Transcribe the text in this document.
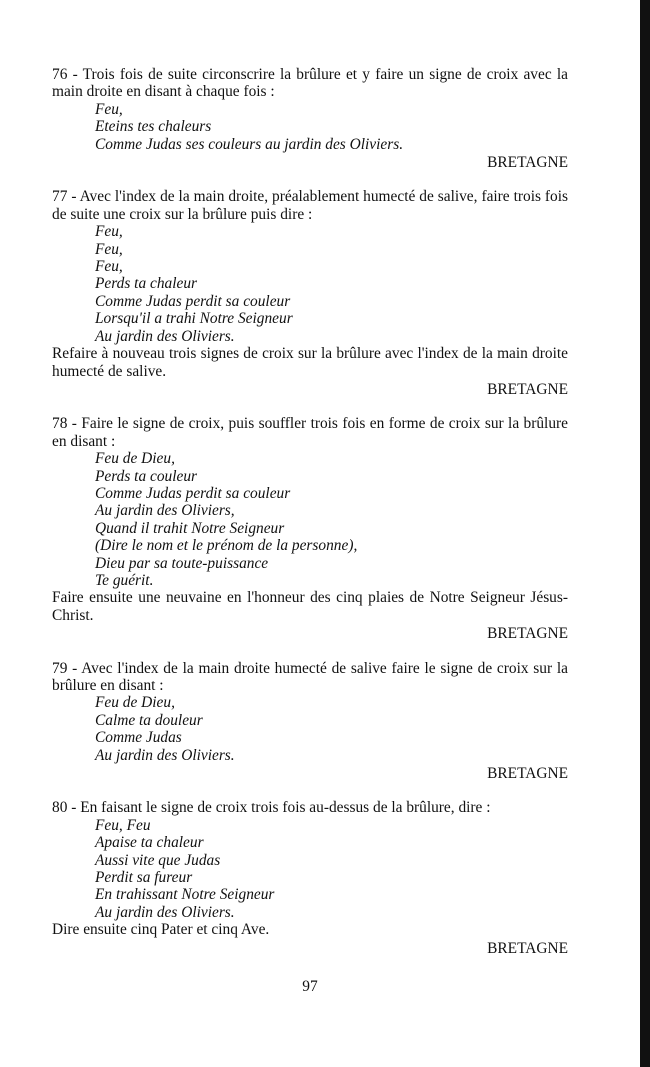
76 - Trois fois de suite circonscrire la brûlure et y faire un signe de croix avec la main droite en disant à chaque fois :
Feu,
Eteins tes chaleurs
Comme Judas ses couleurs au jardin des Oliviers.
BRETAGNE
77 - Avec l'index de la main droite, préalablement humecté de salive, faire trois fois de suite une croix sur la brûlure puis dire :
Feu,
Feu,
Feu,
Perds ta chaleur
Comme Judas perdit sa couleur
Lorsqu'il a trahi Notre Seigneur
Au jardin des Oliviers.
Refaire à nouveau trois signes de croix sur la brûlure avec l'index de la main droite humecté de salive.
BRETAGNE
78 - Faire le signe de croix, puis souffler trois fois en forme de croix sur la brûlure en disant :
Feu de Dieu,
Perds ta couleur
Comme Judas perdit sa couleur
Au jardin des Oliviers,
Quand il trahit Notre Seigneur
(Dire le nom et le prénom de la personne),
Dieu par sa toute-puissance
Te guérit.
Faire ensuite une neuvaine en l'honneur des cinq plaies de Notre Seigneur Jésus-Christ.
BRETAGNE
79 - Avec l'index de la main droite humecté de salive faire le signe de croix sur la brûlure en disant :
Feu de Dieu,
Calme ta douleur
Comme Judas
Au jardin des Oliviers.
BRETAGNE
80 - En faisant le signe de croix trois fois au-dessus de la brûlure, dire :
Feu, Feu
Apaise ta chaleur
Aussi vite que Judas
Perdit sa fureur
En trahissant Notre Seigneur
Au jardin des Oliviers.
Dire ensuite cinq Pater et cinq Ave.
BRETAGNE
97
